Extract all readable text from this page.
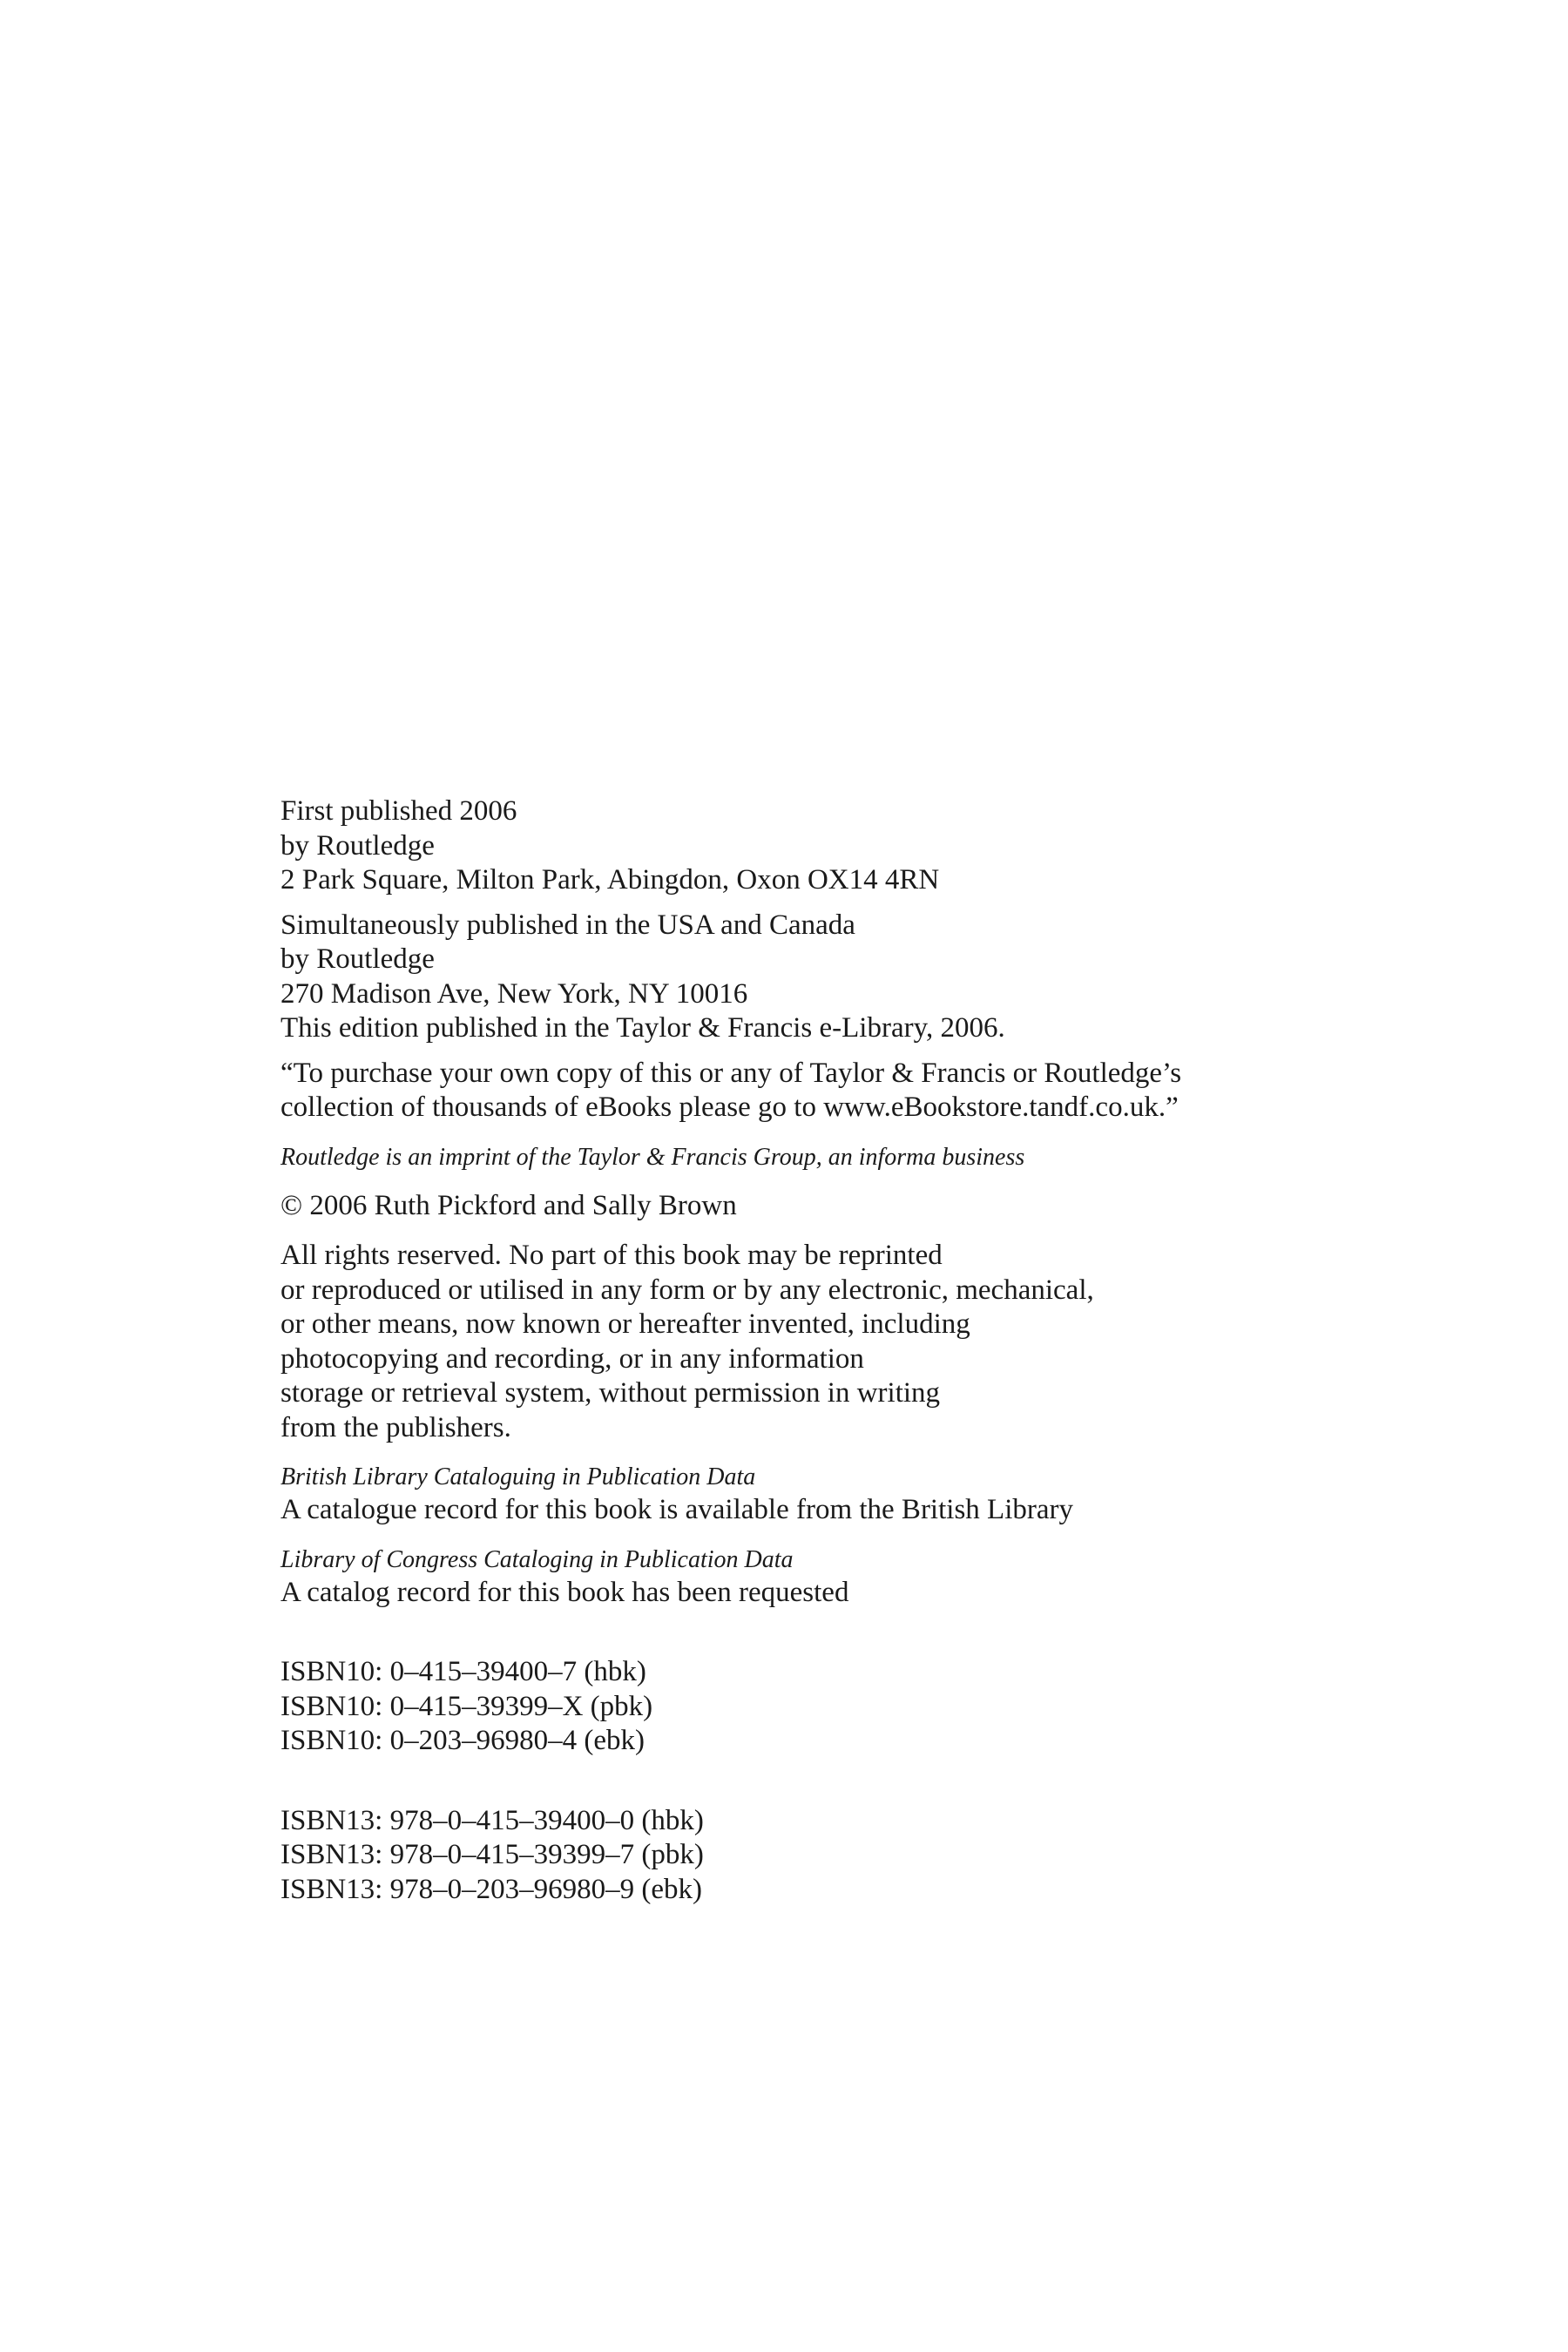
First published 2006
by Routledge
2 Park Square, Milton Park, Abingdon, Oxon OX14 4RN

Simultaneously published in the USA and Canada
by Routledge
270 Madison Ave, New York, NY 10016
This edition published in the Taylor & Francis e-Library, 2006.

“To purchase your own copy of this or any of Taylor & Francis or Routledge’s
collection of thousands of eBooks please go to www.eBookstore.tandf.co.uk.”

Routledge is an imprint of the Taylor & Francis Group, an informa business

© 2006 Ruth Pickford and Sally Brown

All rights reserved. No part of this book may be reprinted
or reproduced or utilised in any form or by any electronic, mechanical,
or other means, now known or hereafter invented, including
photocopying and recording, or in any information
storage or retrieval system, without permission in writing
from the publishers.

British Library Cataloguing in Publication Data
A catalogue record for this book is available from the British Library

Library of Congress Cataloging in Publication Data
A catalog record for this book has been requested

ISBN10: 0–415–39400–7 (hbk)
ISBN10: 0–415–39399–X (pbk)
ISBN10: 0–203–96980–4 (ebk)

ISBN13: 978–0–415–39400–0 (hbk)
ISBN13: 978–0–415–39399–7 (pbk)
ISBN13: 978–0–203–96980–9 (ebk)
